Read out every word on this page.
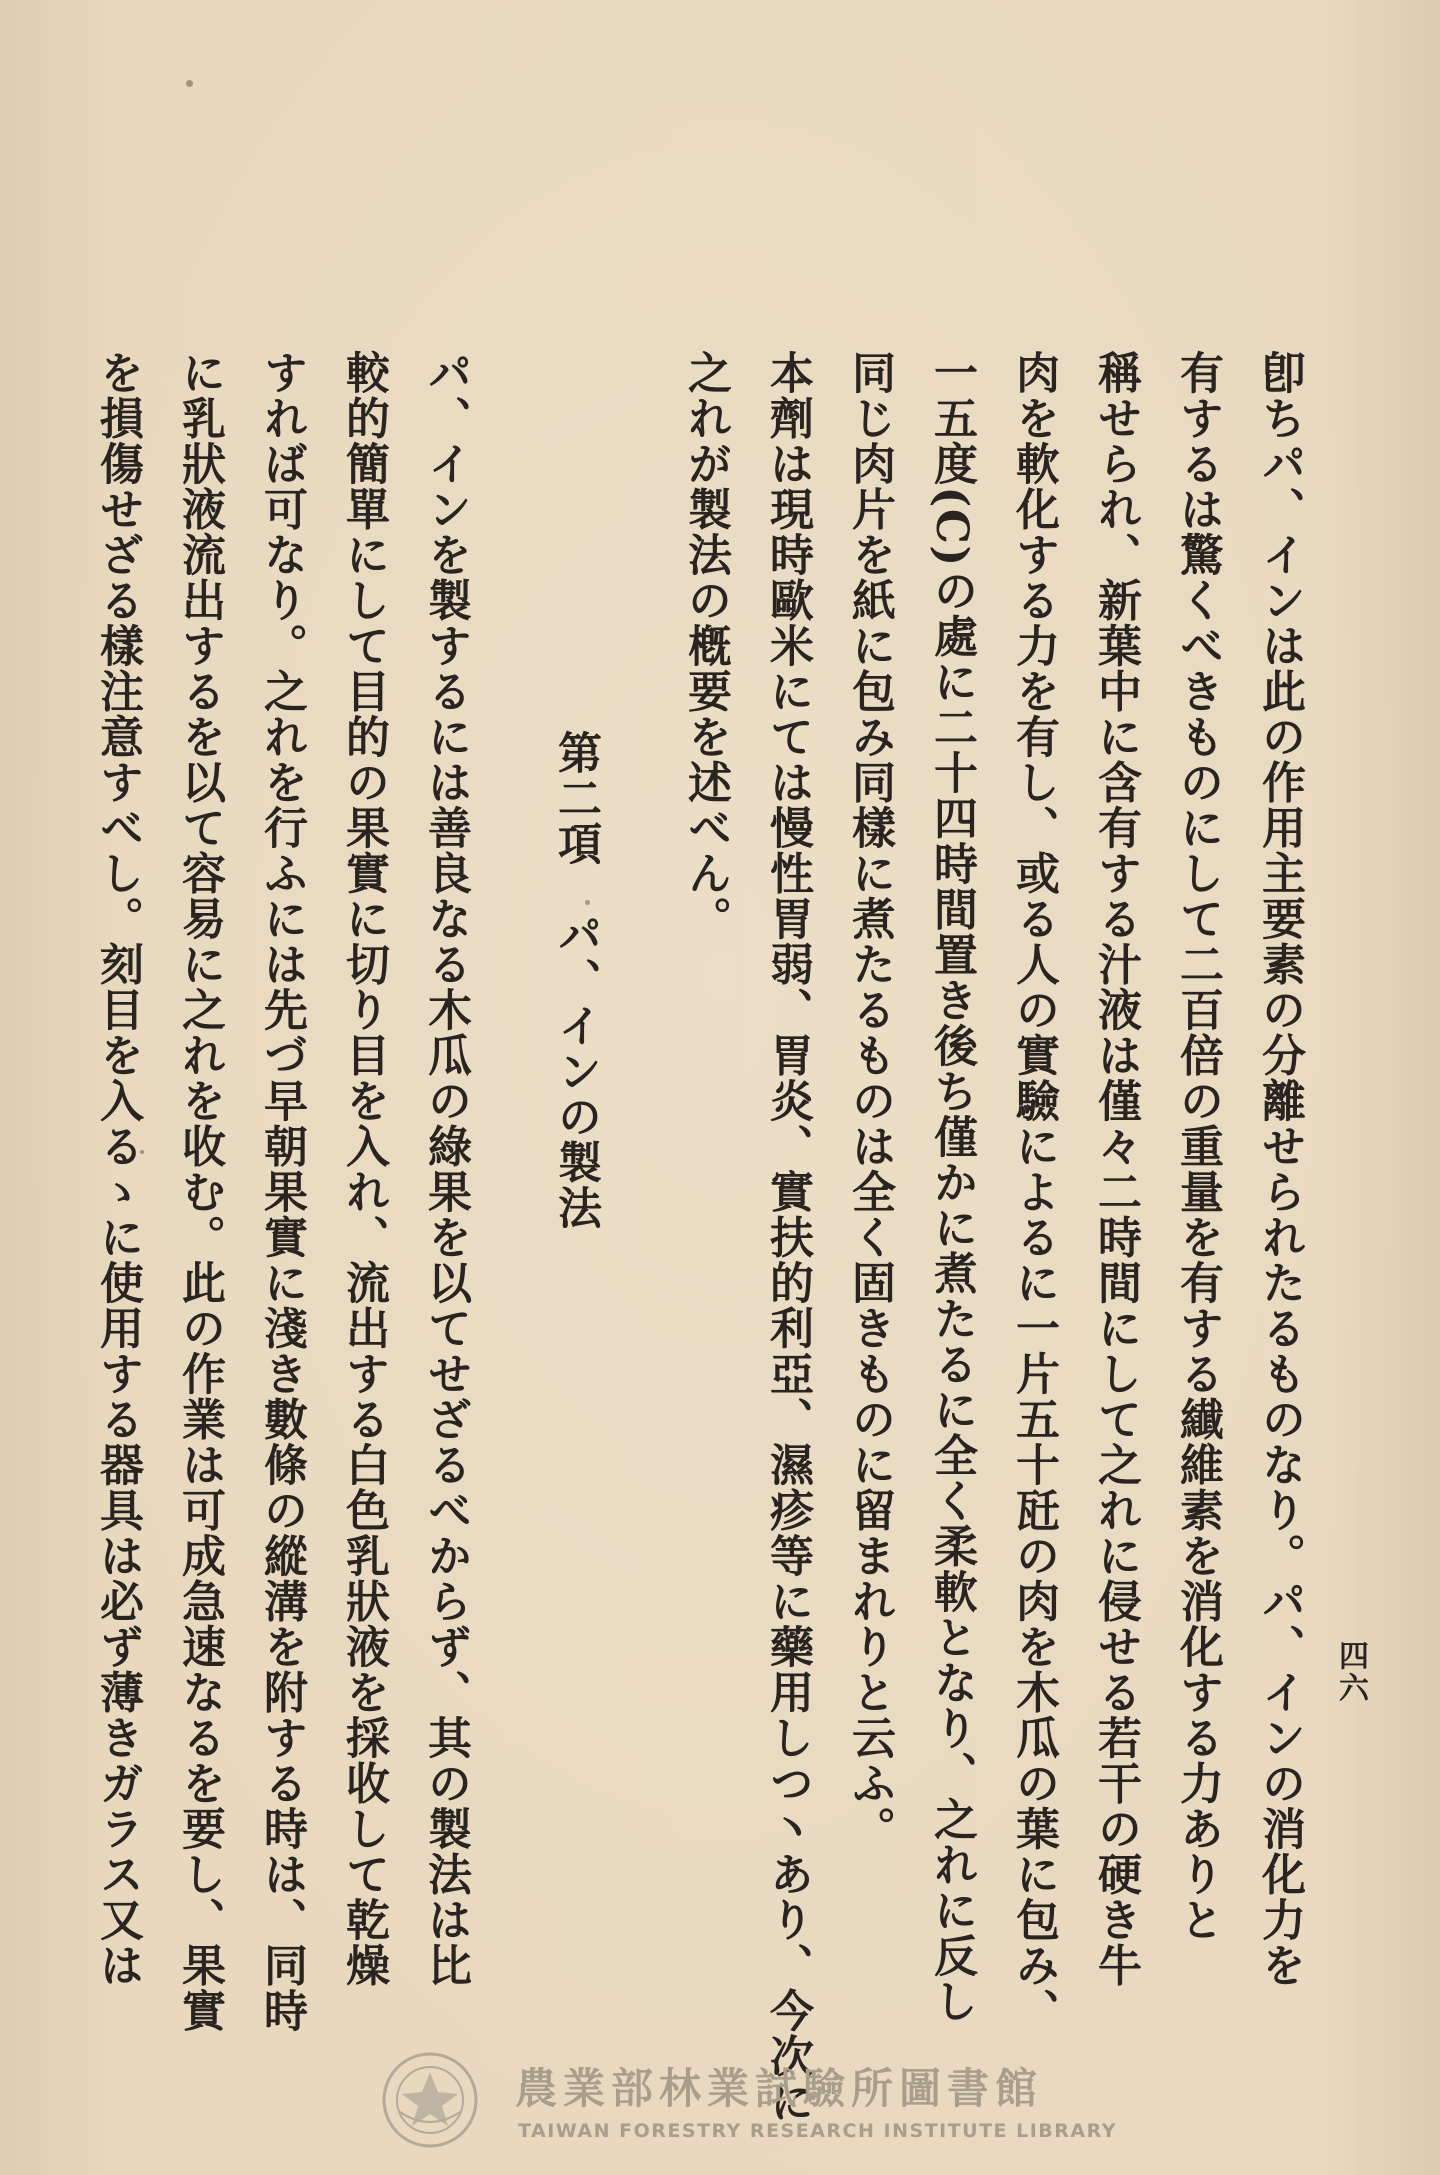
四六
卽ちパ、インは此の作用主要素の分離せられたるものなり。パ、インの消化力を
有するは驚くべきものにして二百倍の重量を有する纎維素を消化する力ありと
稱せられ、新葉中に含有する汁液は僅々二時間にして之れに侵せる若干の硬き牛
肉を軟化する力を有し、或る人の實驗によるに一片五十瓩の肉を木瓜の葉に包み、
一五度(C)の處に二十四時間置き後ち僅かに煮たるに全く柔軟となり、之れに反し
同じ肉片を紙に包み同樣に煮たるものは全く固きものに留まれりと云ふ。
本劑は現時歐米にては慢性胃弱、胃炎、實扶的利亞、濕疹等に藥用しつ丶あり、今次に
之れが製法の槪要を述べん。
第二項　パ、インの製法
パ、インを製するには善良なる木瓜の綠果を以てせざるべからず、其の製法は比
較的簡單にして目的の果實に切り目を入れ、流出する白色乳狀液を採收して乾燥
すれば可なり。之れを行ふには先づ早朝果實に淺き數條の縱溝を附する時は、同時
に乳狀液流出するを以て容易に之れを收む。此の作業は可成急速なるを要し、果實
を損傷せざる樣注意すべし。刻目を入るゝに使用する器具は必ず薄きガラス又は
農業部林業試驗所圖書館
TAIWAN FORESTRY RESEARCH INSTITUTE LIBRARY
